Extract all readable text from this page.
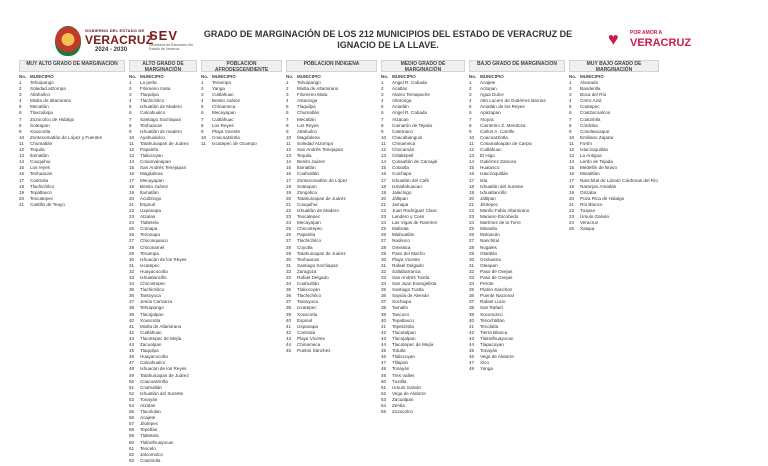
GOBIERNO DEL ESTADO DE
VERACRUZ
2024 - 2030
SEV
Secretaría de Educación del Estado de Veracruz
GRADO DE MARGINACIÓN DE LOS 212 MUNICIPIOS DEL ESTADO DE VERACRUZ DE IGNACIO DE LA LLAVE.	♥	POR AMOR A
VERACRUZ
MUY ALTO GRADO DE MARGINACIÓN
No. MUNICIPIO
1	Tehuipango
2	Soledad atzompa
3	Atlahuilco
4	Mixtla de altamirano
5	Mecatlán
6	Tlaxcalixpa
7	Zozocolco de Hidalgo
8	Soteapan
9	Xoxocotla
10	Zontecomatlán de López y Fuentes
11	Chumatlán
12	Tequila
13	Ilamatlán
14	Coxquihui
15	Los reyes
16	Texhuacan
17	Coetzala
18	Tlachichilco
19	Tepatlaxco
20	Texcatepec
21	Castillo de Teayo
ALTO GRADO DE MARGINACIÓN
No. MUNICIPIO
1	La perla
2	Filomeno mata
3	Tlaquilpa
4	Tlachichilco
5	Ixhuatlán de Madero
6	Calcahualco
7	Santiago Sochiapan
8	Texhuacan
9	Ixhuatlán de madero
10	Ayahualulco
11	Tatahuicapan de Juárez
12	Papantla
13	Tlalixcoyan
14	Cosamaloapan
15	San Andrés Tenejapan
16	Magdalena
17	Mecayapan
18	Benito Juárez
19	Ilamatlán
20	Acultzingo
21	Espinal
22	Uxpanapa
23	Atzalan
24	Tlaltetela
25	Comapa
26	Tezonapa
27	Chiconquiaco
28	Chiconamel
29	Tenampa
30	Ixhuacán de los Reyes
31	Ixcatepec
32	Huayacocotla
33	Ixhuatlancillo
34	Chicontepec
35	Tlachichilco
36	Tantoyuca
37	Jesús Carranza
38	Tehuipango
39	Tlacojalpan
40	Xoxocotla
41	Mixtla de Altamirano
42	Cuitláhuac
43	Tlacotepec de Mejía
44	Zacualpan
45	Tlaquilpa
46	Huayacocotla
47	Calcahualco
48	Ixhuacán de los Reyes
49	Tatahuicapan de Juárez
50	Coacoatzintla
51	Coahuitlán
52	Ixhuatlán del Sureste
53	Tonayán
54	Atzalan
55	Tlacolulan
56	Acajete
57	Jilotepec
58	Tepetlán
59	Tlaltetela
60	Tlalnelhuayocan
61	Teocelo
62	Jalcomulco
63	Coatzintla
POBLACIÓN AFRODESCENDIENTE
No. MUNICIPIO
1	Tenampa
2	Yanga
3	Cuitláhuac
4	Benito Juárez
5	Chinameca
6	Mecayapan
7	Cuitláhuac
8	Los Reyes
9	Playa Vicente
10	Coacoatzintla
11	Ixcatepec de Ocampo
POBLACIÓN INDÍGENA
No. MUNICIPIO
1	Tehuipango
2	Mixtla de Altamirano
3	Filomeno Mata
4	Astacinga
5	Tlaquilpa
6	Chumatlán
7	Mecatlán
8	Los Reyes
9	Atlahuilco
10	Magdalena
11	Soledad Atzompa
12	San Andrés Tenejapan
13	Tequila
14	Benito Juárez
15	Ilamatlán
16	Coahuitlán
17	Zontecomatlán de López
18	Soteapan
19	Zongolica
20	Tatahuicapan de Juárez
21	Coxquihui
22	Ixhuatlán de Madero
23	Texcatepec
24	Mecayapan
25	Chicontepec
26	Papantla
27	Tlachichilco
28	Coyutla
29	Tatahuicapan de Juárez
30	Texhuacan
31	Santiago Sochiapan
32	Zaragoza
33	Rafael Delgado
34	Coahuitlán
35	Tlalixcoyan
36	Tlachichilco
37	Tantoyuca
38	Ixcatepec
39	Xoxocotla
40	Espinal
41	Uxpanapa
42	Coetzala
43	Playa Vicente
44	Chinameca
45	Pueblo Sánchez
MEDIO GRADO DE MARGINACIÓN
No. MUNICIPIO
1	Angel R. Cabada
2	Acatlán
3	Alamo Temapache
4	Altotonga
5	Amatlán
6	Ángel R. Cabada
7	Atzacan
8	Camarón de Tejeda
9	Catemaco
10	Chacaltianguis
11	Chinameca
12	Chocamán
13	Citlaltépetl
14	Cosautlán de Carvajal
15	Cotaxtla
16	Cuichapa
17	Ixhuatlán del Café
18	Ixmatlahuacan
19	Jalacingo
20	Jáltipan
21	Jamapa
22	Juan Rodríguez Clara
23	Landero y Coss
24	Las Vigas de Ramírez
25	Maltrata
26	Miahuatlán
27	Naolinco
28	Omealca
29	Paso del Macho
30	Playa Vicente
31	Rafael Delgado
32	Saltabarranca
33	San Andrés Tuxtla
34	San Juan Evangelista
35	Santiago Tuxtla
36	Sayula de Alemán
37	Sochiapa
38	Tamalín
39	Tancoco
40	Tepatlaxco
41	Tepetzintla
42	Tlacotalpan
43	Tlacojalpan
44	Tlacotepec de Mejía
45	Totutla
46	Tlalixcoyan
47	Tlilapan
48	Tonayán
49	Tres Valles
50	Tuxtilla
51	Ursulo Galván
52	Vega de Alatorre
53	Zacualpan
54	Zentla
55	Zozocolco
BAJO GRADO DE MARGINACIÓN
No. MUNICIPIO
1	Acajete
2	Actopan
3	Agua Dulce
4	Alto Lucero de Gutiérrez Barrios
5	Amatlán de los Reyes
6	Apazapan
7	Atoyac
8	Camerino Z. Mendoza
9	Carlos A. Carrillo
10	Coacoatzintla
11	Cosamaloapan de Carpio
12	Cuitláhuac
13	El Higo
14	Gutiérrez Zamora
15	Huatusco
16	Ixtaczoquitlán
17	Isla
18	Ixhuatlán del Sureste
19	Ixhuatlancillo
20	Jáltipan
21	Jilotepec
22	Manlio Fabio Altamirano
23	Mariano Escobedo
24	Martínez de la Torre
25	Misantla
26	Moloacán
27	Nanchital
28	Nogales
29	Otatitlán
30	Ozuluama
31	Oteapan
32	Paso de Ovejas
33	Paso de Ovejas
34	Perote
35	Platón Sánchez
36	Puente Nacional
37	Rafael Lucio
38	San Rafael
39	Soconusco
40	Tenochtitlán
41	Tecolutla
42	Tierra Blanca
43	Tlalnelhuayocan
44	Tlapacoyan
45	Tonayán
46	Vega de Alatorre
47	Xico
48	Yanga
MUY BAJO GRADO DE MARGINACIÓN
No. MUNICIPIO
1	Alvarado
2	Banderilla
3	Boca del Río
4	Cerro Azul
5	Coatepec
6	Coatzacoalcos
7	Coatzintla
8	Córdoba
9	Cosoleacaque
10	Emiliano Zapata
11	Fortín
12	Ixtaczoquitlán
13	La Antigua
14	Lerdo de Tejada
15	Medellín de Bravo
16	Minatitlán
17	Nanchital de Lázaro Cárdenas del Río
18	Naranjos Amatlán
19	Orizaba
20	Poza Rica de Hidalgo
21	Río Blanco
22	Tuxpan
23	Úrsulo Galván
24	Veracruz
25	Xalapa
